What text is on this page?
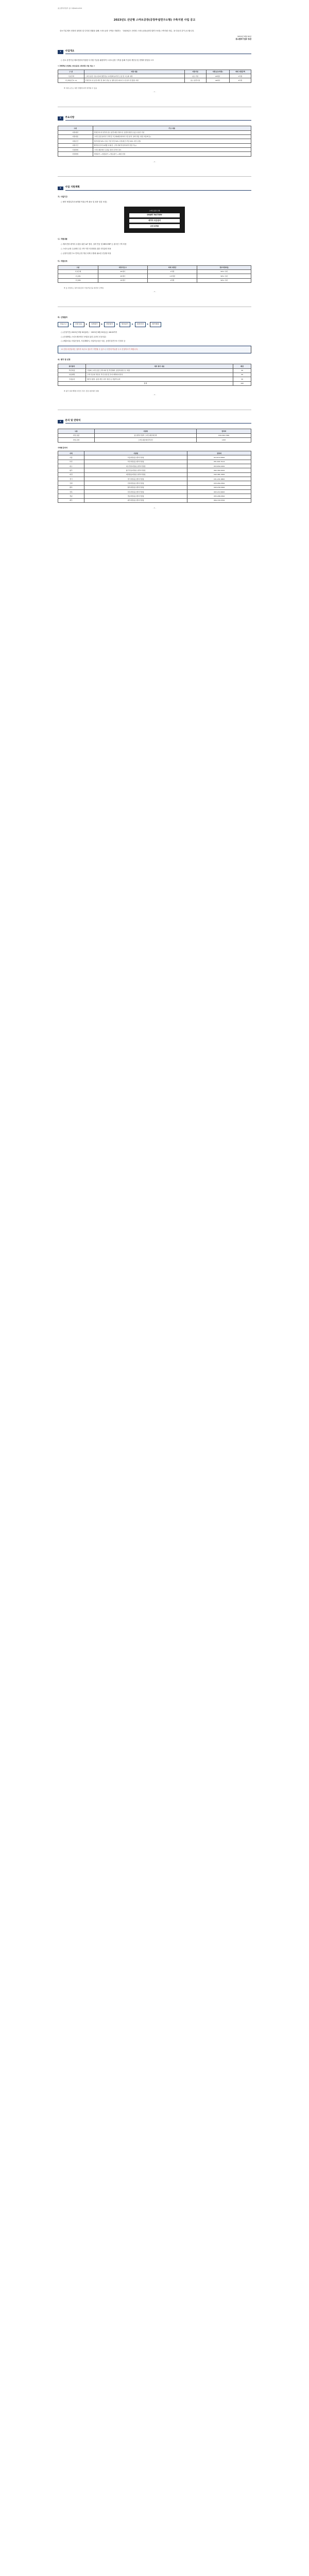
중소벤처기업부 공고 제2023-0733
2023년도 산단형 스마트공장(공장부설연구소형) 구축지원 사업 공고

중소기업 제조 현장의 첨단화 및 디지털 전환을 위해 스마트공장 구축을 지원하는 「2023년도 산단형 스마트공장(공장부설연구소형) 구축지원 사업」을 다음과 같이 공고합니다.

2023년 5월 30일
중소벤처기업부 장관
1	사업개요

○ 중소·중견기업 제조현장에 적합한 디지털 기술을 활용하여 스마트공장 구축을 통해 기업의 생산성 및 경쟁력 향상을 도모

< 2023년 산단형 스마트공장 구축지원 사업 개요 >
구 분	지원 내용	지원기업	지원규모(억원)	최대 지원금액
기초단계	스마트공장 기초수준의 생산정보 디지털화 솔루션 도입 및 고도화 지원	중소기업	20개사	1억원
고도화(중간1~2)	산업단지 내 공정 개선 및 설비 연동 등 생산공정 데이터 수집·분석 및 활용 지원	중소·중견기업	40개사	2억원

※ 지원 규모는 예산 상황에 따라 변경될 수 있음

- 1 -
2	주요사항
구분	주요 내용
지원대상	산업단지 내 입주한 중소·중견 제조기업으로 공장부설연구소를 보유한 기업
지원내용	스마트공장 솔루션 구축 및 고도화(제조데이터 수집·분석, 설비 연동, 현장 자동화 등)
지원조건	정부지원 50% 이내, 기업 부담 50% 이상(현금 부담 20% 이상 포함)
지원기간	협약일로부터 6개월 이내(단, 구축 과제 특성에 따라 연장 가능)
신청방법	스마트제조혁신 포털을 통한 온라인 접수
선정방법	서면평가 → 현장평가 → 발표평가 → 최종 선정
- 2 -
3	사업 지원계획
가. 사업기간

○ 협약 체결일부터 6개월 이내(구축 완료 및 최종 점검 포함)

스마트공장 구축
SMART FACTORY
데이터 수집·분석
공정 최적화
나. 지원내용

○ 제조현장 데이터 수집을 위한 IoT 센서, 설비 연동 및 MES·ERP 등 솔루션 구축 비용

○ 스마트공장 수준확인 및 구축 이후 안정화를 위한 사후관리 비용

○ 공장부설연구소 연계 공정 개선 과제 수행에 필요한 컨설팅 비용

다. 지원규모
구분	지원기업 수	최대 지원금	정부지원비율
기초단계	20개사	1억원	50% 이내
고도화1	25개사	1.5억원	50% 이내
고도화2	15개사	2억원	50% 이내

※ 총 사업비는 정부지원금과 기업부담금을 합산한 금액임

- 3 -
라. 신청절차
사업공고	▶	신청·접수	▶	서면평가	▶	현장평가	▶	발표평가	▶	최종선정	▶	협약체결

○ (신청기간) 2023년 5월 30일(화) ~ 2023년 6월 30일(금) 18:00까지

○ (신청방법) 스마트제조혁신 포털을 통한 온라인 신청·접수

○ (제출서류) 사업신청서, 사업계획서, 사업자등록증 사본, 공장부설연구소 인정서 등

※ 신청 마감일에는 접속자 폭주로 접수가 지연될 수 있으니 사전에 여유를 두고 신청하시기 바랍니다.
마. 평가 및 선정
평가항목	세부 평가 내용	배점
추진역량	기업의 스마트공장 구축 의지 및 추진체계, 공장부설연구소 역량	30
사업계획	구축 목표의 적정성, 추진 일정 및 투자 계획의 타당성	40
기대효과	생산성 향상, 품질 개선, 원가 절감 등 정량적 효과	30
합계		100

※ 평가 결과 60점 미만인 경우 선정 대상에서 제외

- 4 -
4	문의 및 연락처
구분	기관명	연락처
사업 총괄	중소벤처기업부 스마트제조혁신과	044-204-7000
사업 운영	스마트제조혁신추진단	1357
지역별 문의처
지역	기관명	연락처
서울	서울지방중소벤처기업청	02-2110-6300
부산	부산지방중소벤처기업청	051-601-5114
대구	대구경북지방중소벤처기업청	053-659-2200
광주	광주전남지방중소벤처기업청	062-360-9100
대전	대전충남지방중소벤처기업청	042-481-4300
경기	경기지방중소벤처기업청	031-201-6800
강원	강원지방중소벤처기업청	033-260-2500
충북	충북지방중소벤처기업청	043-230-5300
전북	전북지방중소벤처기업청	063-210-6400
경남	경남지방중소벤처기업청	055-268-2500
제주	제주지방중소벤처기업청	064-720-5700
- 5 -
